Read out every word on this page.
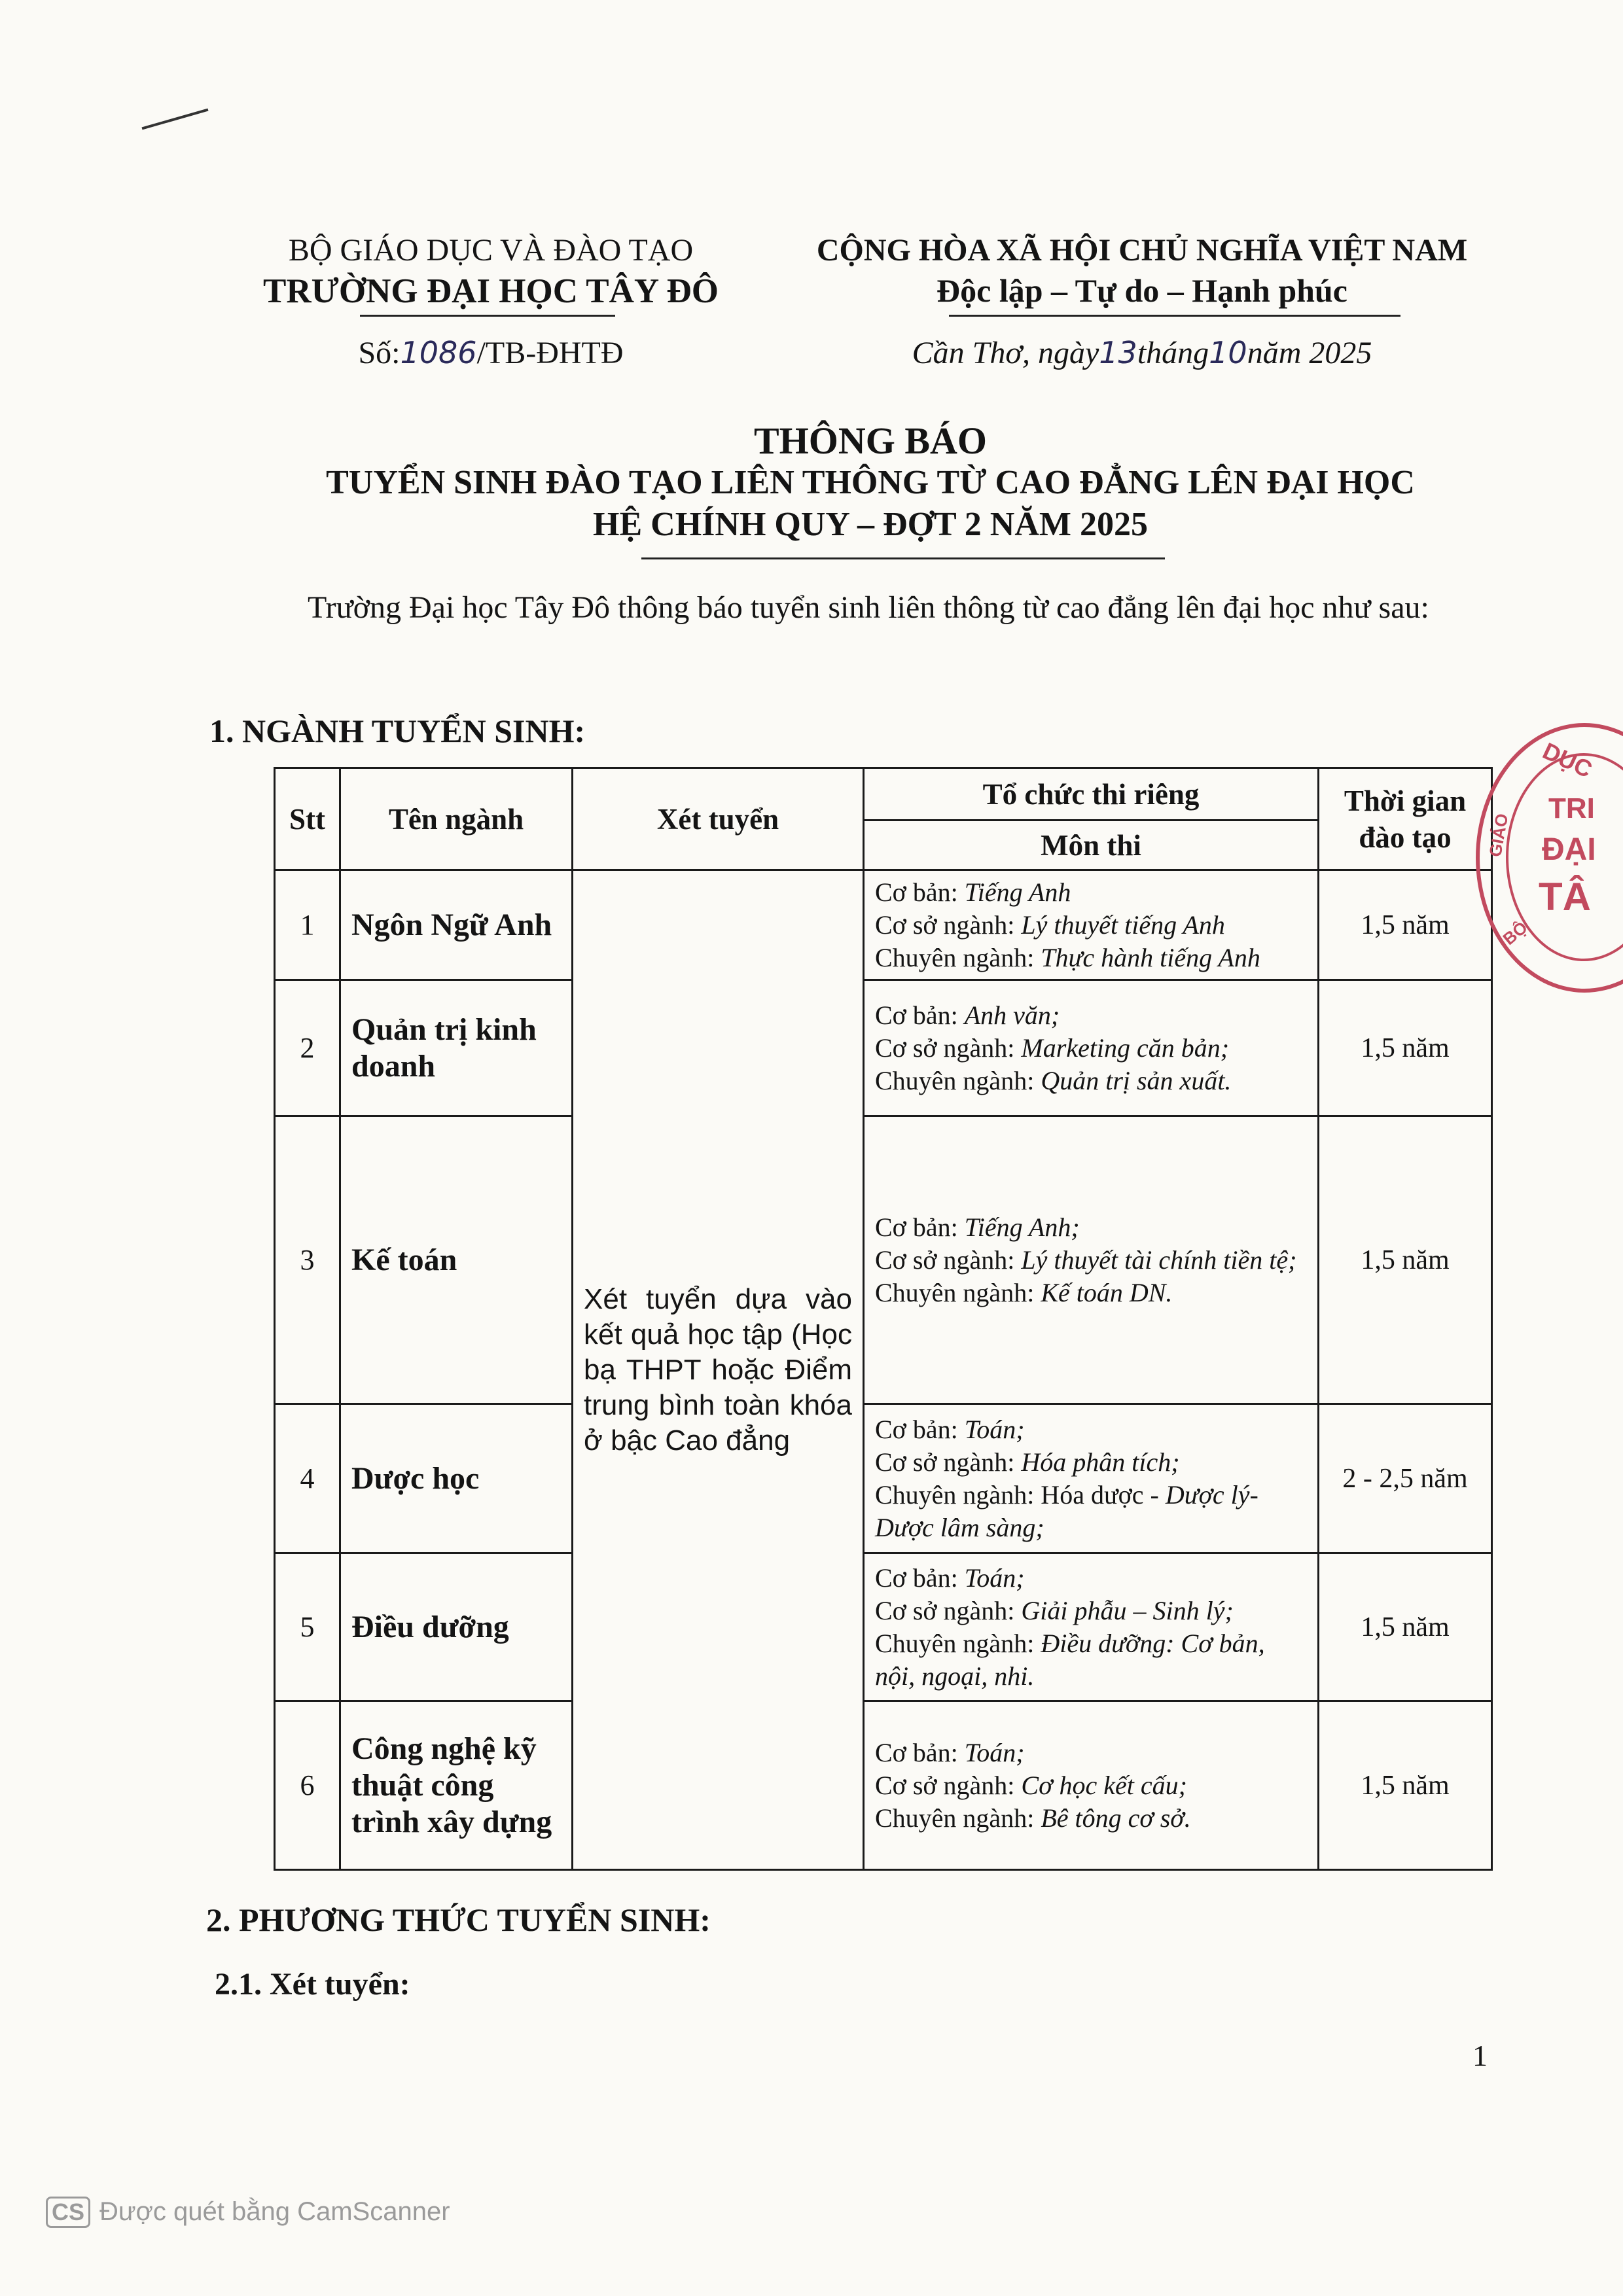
BỘ GIÁO DỤC VÀ ĐÀO TẠO
TRƯỜNG ĐẠI HỌC TÂY ĐÔ
Số:1086/TB-ĐHTĐ
CỘNG HÒA XÃ HỘI CHỦ NGHĨA VIỆT NAM
Độc lập – Tự do – Hạnh phúc
Cần Thơ, ngày13tháng10năm 2025
THÔNG BÁO
TUYỂN SINH ĐÀO TẠO LIÊN THÔNG TỪ CAO ĐẲNG LÊN ĐẠI HỌC
HỆ CHÍNH QUY – ĐỢT 2 NĂM 2025
Trường Đại học Tây Đô thông báo tuyển sinh liên thông từ cao đẳng lên đại học như sau:
1. NGÀNH TUYỂN SINH:
Stt	Tên ngành	Xét tuyển	Tổ chức thi riêng	Thời gian đào tạo
			Môn thi	
1	Ngôn Ngữ Anh	Xét tuyển dựa vào kết quả học tập (Học bạ THPT hoặc Điểm trung bình toàn khóa ở bậc Cao đẳng	Cơ bản: Tiếng Anh
Cơ sở ngành: Lý thuyết tiếng Anh
Chuyên ngành: Thực hành tiếng Anh	1,5 năm
2	Quản trị kinh doanh		Cơ bản: Anh văn;
Cơ sở ngành: Marketing căn bản;
Chuyên ngành: Quản trị sản xuất.	1,5 năm
3	Kế toán		Cơ bản: Tiếng Anh;
Cơ sở ngành: Lý thuyết tài chính tiền tệ;
Chuyên ngành: Kế toán DN.	1,5 năm
4	Dược học		Cơ bản: Toán;
Cơ sở ngành: Hóa phân tích;
Chuyên ngành: Hóa dược - Dược lý-Dược lâm sàng;	2 - 2,5 năm
5	Điều dưỡng		Cơ bản: Toán;
Cơ sở ngành: Giải phẫu – Sinh lý;
Chuyên ngành: Điều dưỡng: Cơ bản, nội, ngoại, nhi.	1,5 năm
6	Công nghệ kỹ thuật công trình xây dựng		Cơ bản: Toán;
Cơ sở ngành: Cơ học kết cấu;
Chuyên ngành: Bê tông cơ sở.	1,5 năm
DỤC
TRI
ĐẠI
TÂ
GIÁO
BỘ
2. PHƯƠNG THỨC TUYỂN SINH:
2.1. Xét tuyển:
1
CS Được quét bằng CamScanner
